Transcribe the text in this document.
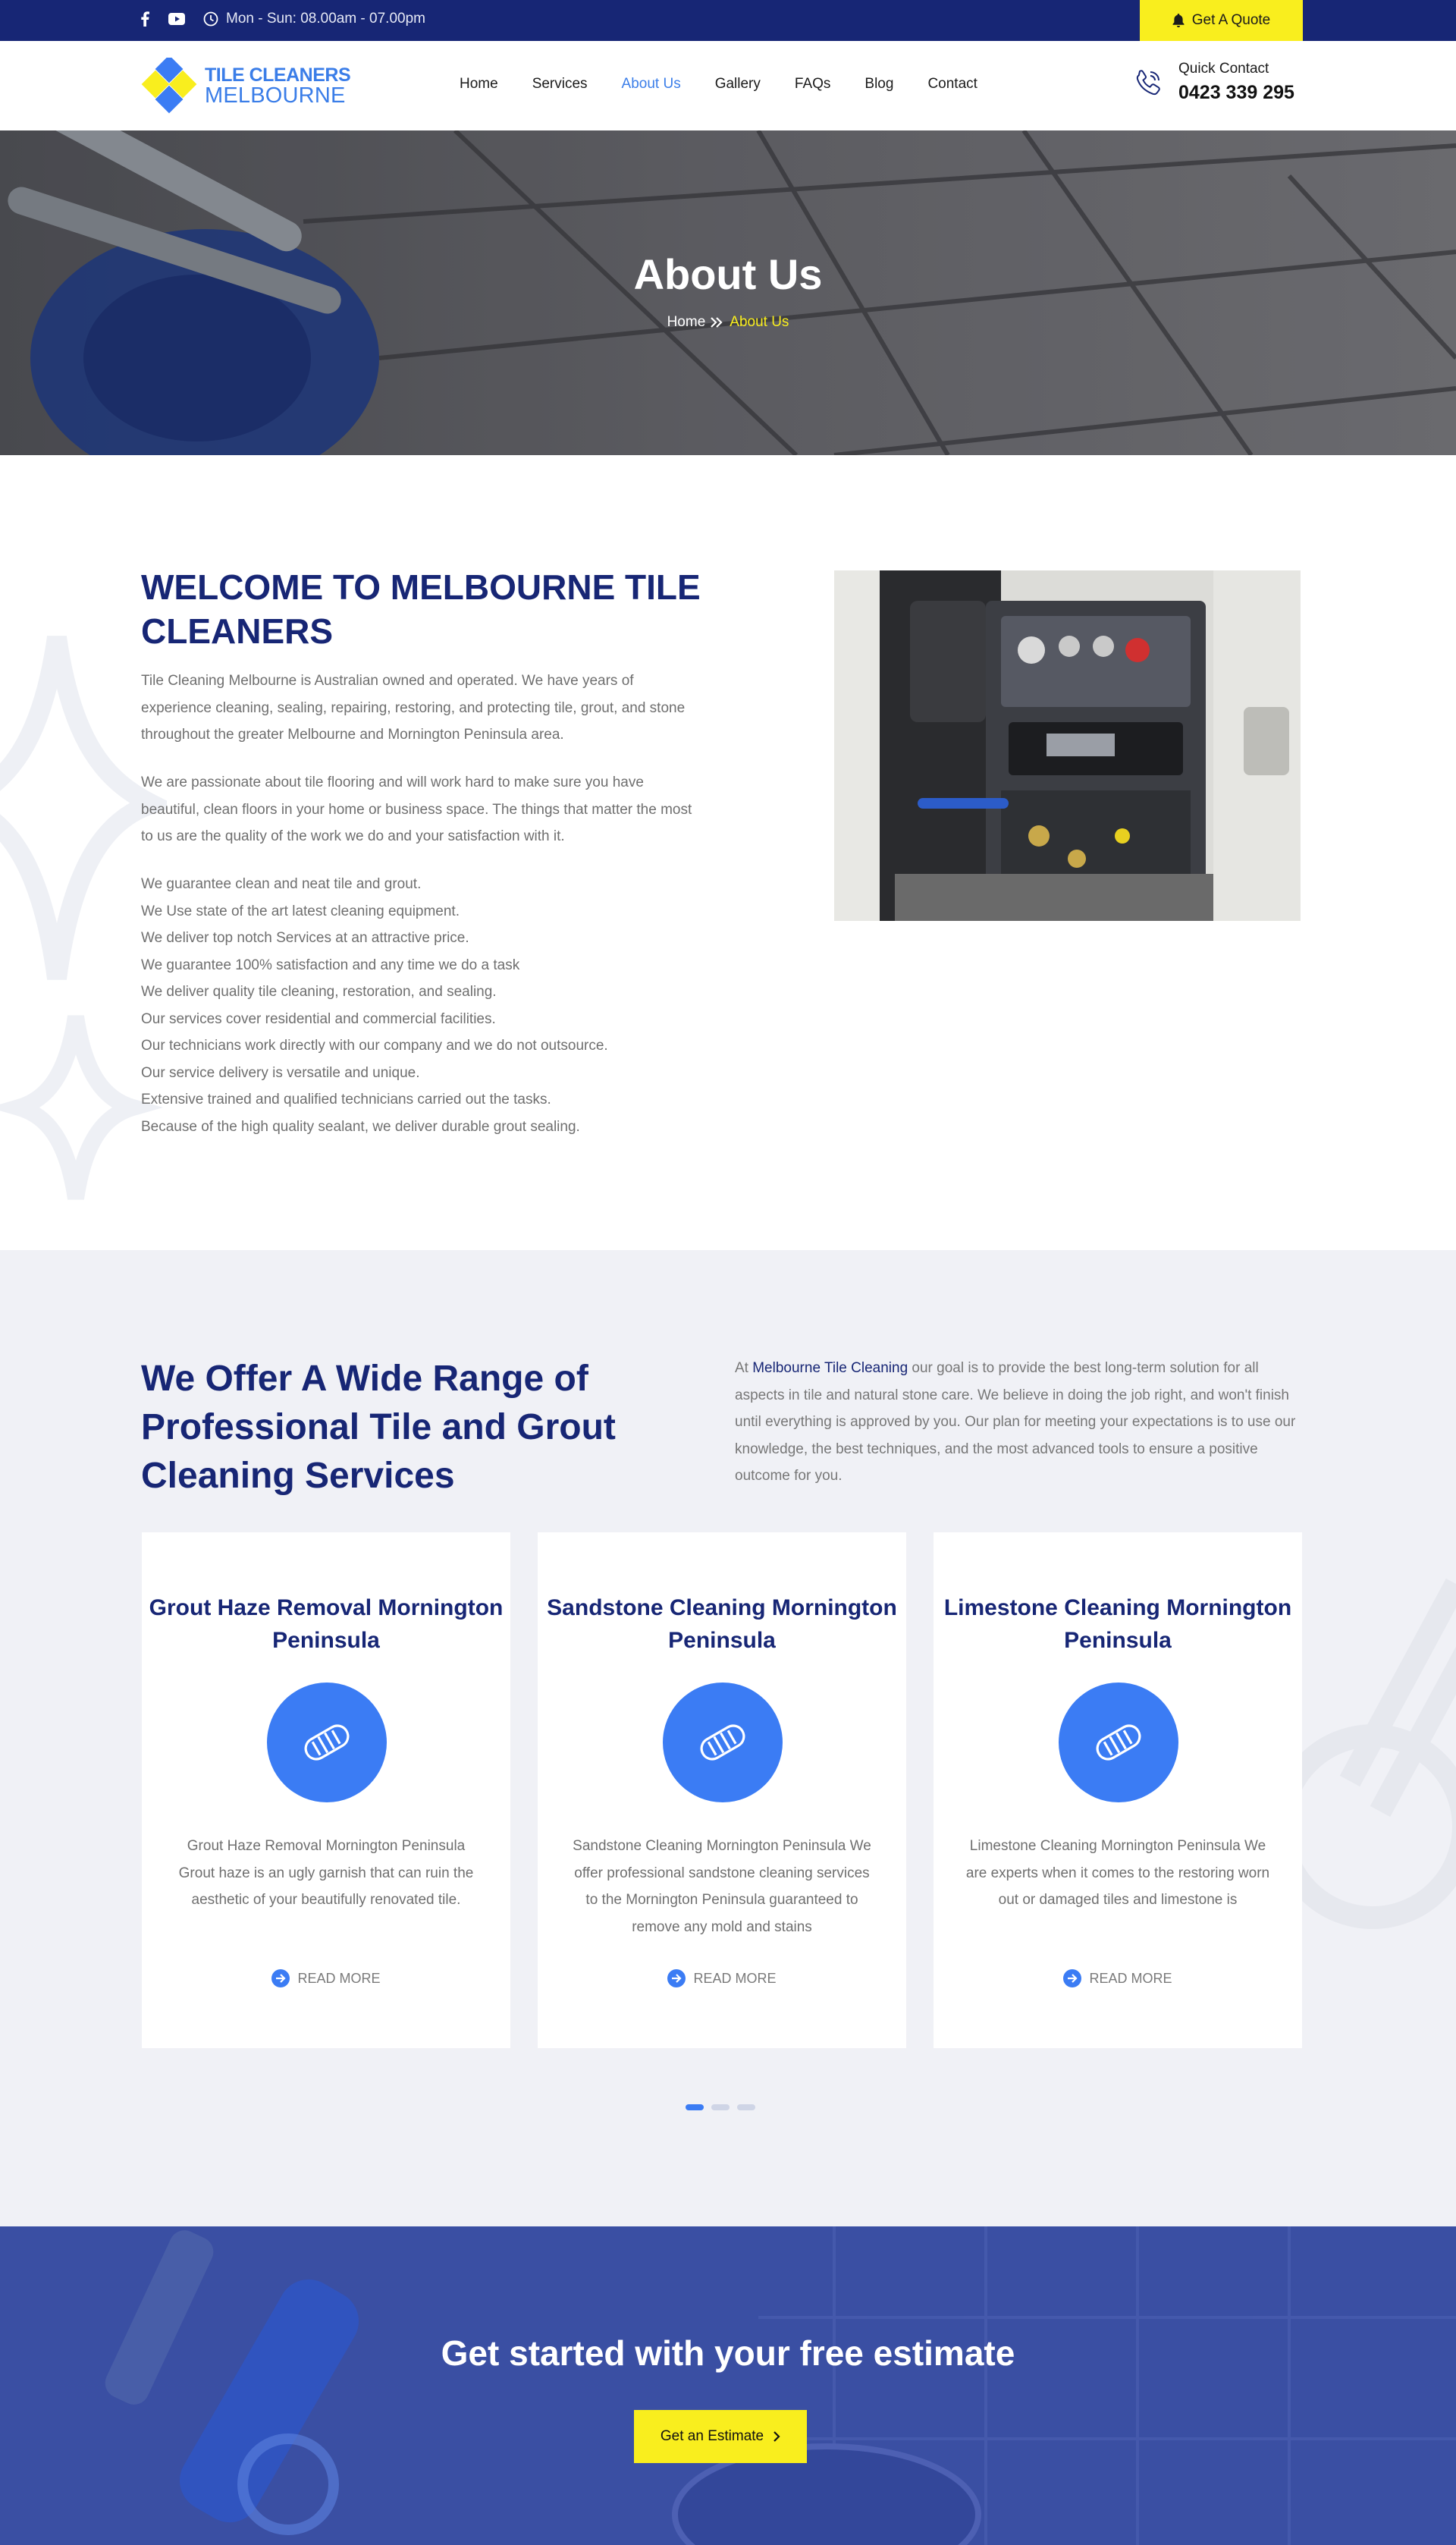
Mon - Sun: 08.00am - 07.00pm	Get A Quote
TILE CLEANERS
MELBOURNE	Home Services About Us Gallery FAQs Blog Contact
Quick Contact
0423 339 295
About Us
Home About Us
WELCOME TO MELBOURNE TILE CLEANERS

Tile Cleaning Melbourne is Australian owned and operated. We have years of experience cleaning, sealing, repairing, restoring, and protecting tile, grout, and stone throughout the greater Melbourne and Mornington Peninsula area.

We are passionate about tile flooring and will work hard to make sure you have beautiful, clean floors in your home or business space. The things that matter the most to us are the quality of the work we do and your satisfaction with it.

We guarantee clean and neat tile and grout.
We Use state of the art latest cleaning equipment.
We deliver top notch Services at an attractive price.
We guarantee 100% satisfaction and any time we do a task
We deliver quality tile cleaning, restoration, and sealing.
Our services cover residential and commercial facilities.
Our technicians work directly with our company and we do not outsource.
Our service delivery is versatile and unique.
Extensive trained and qualified technicians carried out the tasks.
Because of the high quality sealant, we deliver durable grout sealing.
We Offer A Wide Range of Professional Tile and Grout Cleaning Services

At Melbourne Tile Cleaning our goal is to provide the best long-term solution for all aspects in tile and natural stone care. We believe in doing the job right, and won't finish until everything is approved by you. Our plan for meeting your expectations is to use our knowledge, the best techniques, and the most advanced tools to ensure a positive outcome for you.

Grout Haze Removal Mornington Peninsula

Grout Haze Removal Mornington Peninsula Grout haze is an ugly garnish that can ruin the aesthetic of your beautifully renovated tile.

READ MORE
Sandstone Cleaning Mornington Peninsula

Sandstone Cleaning Mornington Peninsula We offer professional sandstone cleaning services to the Mornington Peninsula guaranteed to remove any mold and stains

READ MORE
Limestone Cleaning Mornington Peninsula

Limestone Cleaning Mornington Peninsula We are experts when it comes to the restoring worn out or damaged tiles and limestone is

READ MORE
Get started with your free estimate
Get an Estimate
